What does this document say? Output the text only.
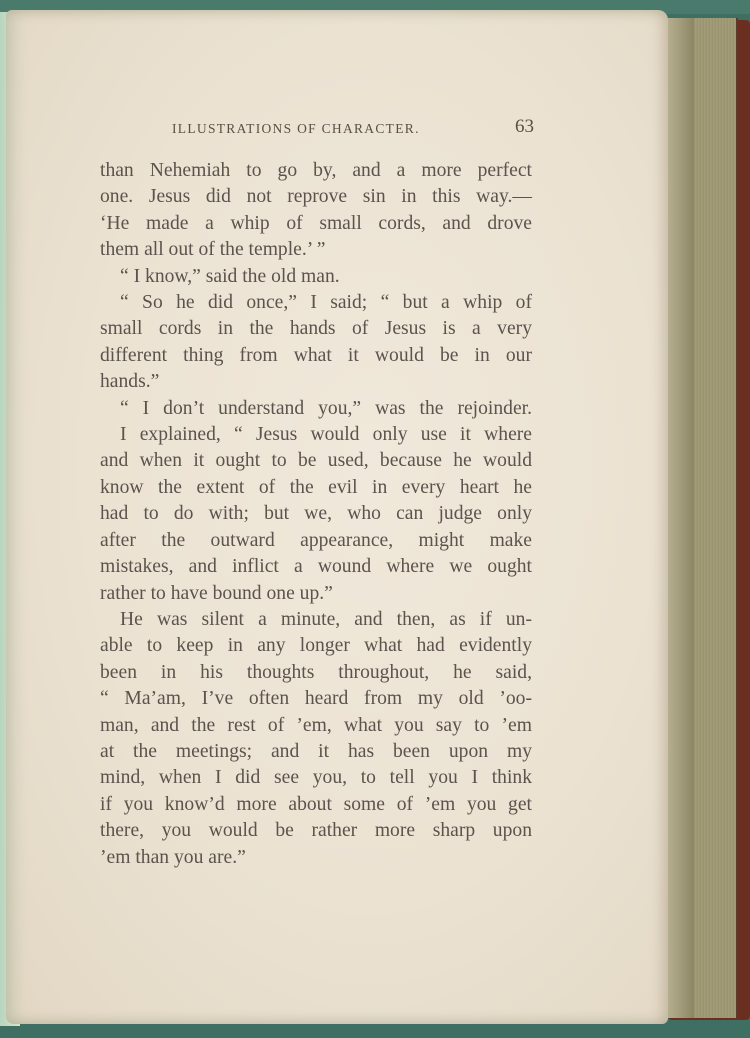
ILLUSTRATIONS OF CHARACTER.	63
than Nehemiah to go by, and a more perfect
one. Jesus did not reprove sin in this way.—
‘He made a whip of small cords, and drove
them all out of the temple.’ ”
“ I know,” said the old man.
“ So he did once,” I said; “ but a whip of
small cords in the hands of Jesus is a very
different thing from what it would be in our
hands.”
“ I don’t understand you,” was the rejoinder.
I explained, “ Jesus would only use it where
and when it ought to be used, because he would
know the extent of the evil in every heart he
had to do with; but we, who can judge only
after the outward appearance, might make
mistakes, and inflict a wound where we ought
rather to have bound one up.”
He was silent a minute, and then, as if un-
able to keep in any longer what had evidently
been in his thoughts throughout, he said,
“ Ma’am, I’ve often heard from my old ’oo-
man, and the rest of ’em, what you say to ’em
at the meetings; and it has been upon my
mind, when I did see you, to tell you I think
if you know’d more about some of ’em you get
there, you would be rather more sharp upon
’em than you are.”
